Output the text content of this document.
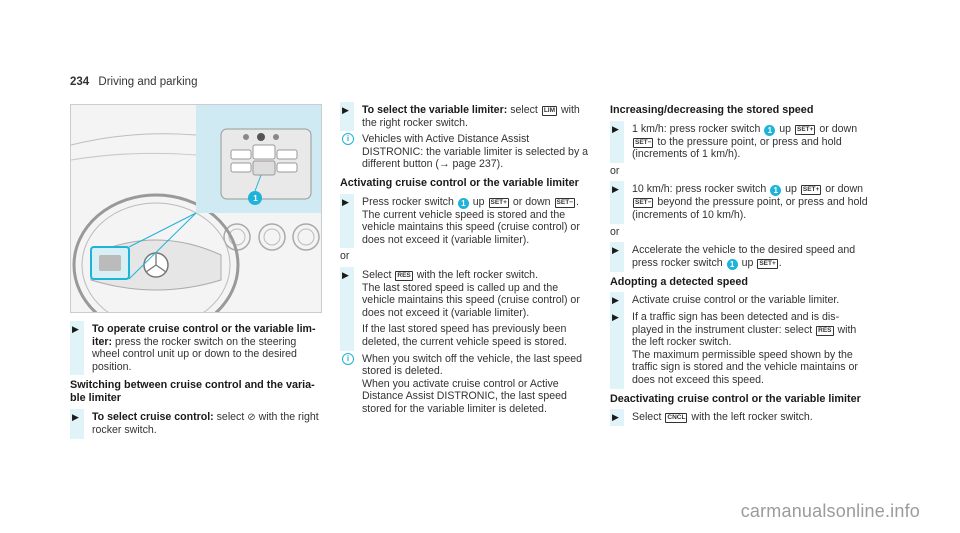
234 Driving and parking
1
▶ To operate cruise control or the variable lim- iter: press the rocker switch on the steering wheel control unit up or down to the desired position.

Switching between cruise control and the varia- ble limiter
▶ To select cruise control: select ⊘ with the right rocker switch.

▶ To select the variable limiter: select LIM with the right rocker switch.

i	Vehicles with Active Distance Assist DISTRONIC: the variable limiter is selected by a different button (→ page 237).

Activating cruise control or the variable limiter
▶ Press rocker switch 1 up SET+ or down SET− .

The current vehicle speed is stored and the vehicle maintains this speed (cruise control) or does not exceed it (variable limiter).

or

▶ Select RES with the left rocker switch.

The last stored speed is called up and the vehicle maintains this speed (cruise control) or does not exceed it (variable limiter).

If the last stored speed has previously been deleted, the current vehicle speed is stored.

i	When you switch off the vehicle, the last speed stored is deleted.

When you activate cruise control or Active Distance Assist DISTRONIC, the last speed stored for the variable limiter is deleted.

Increasing/decreasing the stored speed
▶ 1 km/h: press rocker switch 1 up SET+ or down SET− to the pressure point, or press and hold (increments of 1 km/h).

or

▶ 10 km/h: press rocker switch 1 up SET+ or down SET− beyond the pressure point, or press and hold (increments of 10 km/h).

or

▶ Accelerate the vehicle to the desired speed and press rocker switch 1 up SET+ .

Adopting a detected speed
▶ Activate cruise control or the variable limiter.

▶ If a traffic sign has been detected and is dis- played in the instrument cluster: select RES with the left rocker switch.

The maximum permissible speed shown by the traffic sign is stored and the vehicle maintains or does not exceed this speed.

Deactivating cruise control or the variable limiter
▶ Select CNCL with the left rocker switch.

carmanualsonline.info
